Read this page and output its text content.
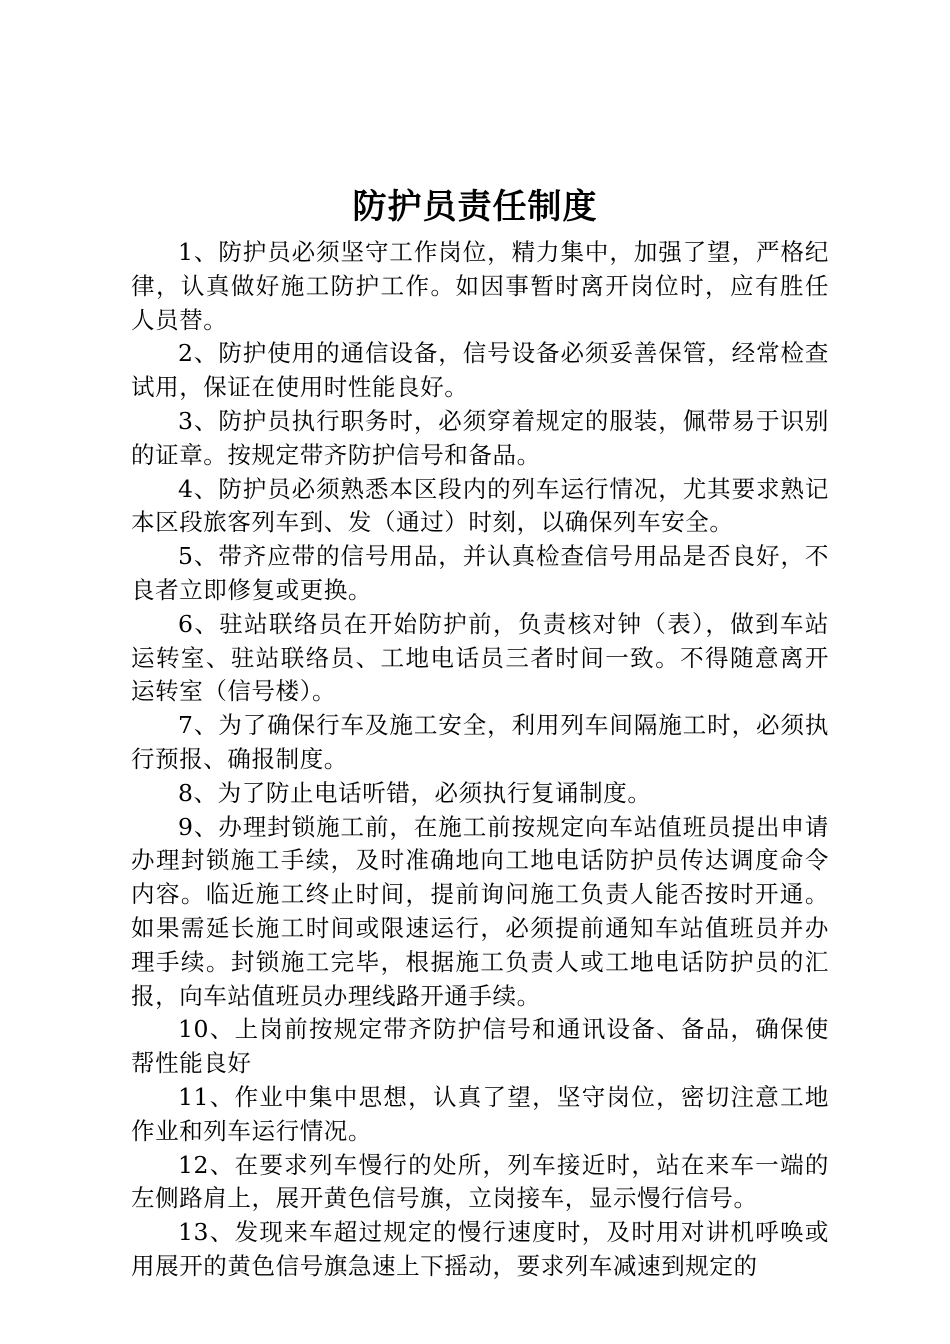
防护员责任制度

1、防护员必须坚守工作岗位，精力集中，加强了望，严格纪律，认真做好施工防护工作。如因事暂时离开岗位时，应有胜任人员替。

2、防护使用的通信设备，信号设备必须妥善保管，经常检查试用，保证在使用时性能良好。

3、防护员执行职务时，必须穿着规定的服装，佩带易于识别的证章。按规定带齐防护信号和备品。

4、防护员必须熟悉本区段内的列车运行情况，尤其要求熟记本区段旅客列车到、发（通过）时刻，以确保列车安全。

5、带齐应带的信号用品，并认真检查信号用品是否良好，不良者立即修复或更换。

6、驻站联络员在开始防护前，负责核对钟（表），做到车站运转室、驻站联络员、工地电话员三者时间一致。不得随意离开运转室（信号楼）。

7、为了确保行车及施工安全，利用列车间隔施工时，必须执行预报、确报制度。

8、为了防止电话听错，必须执行复诵制度。

9、办理封锁施工前，在施工前按规定向车站值班员提出申请办理封锁施工手续，及时准确地向工地电话防护员传达调度命令内容。临近施工终止时间，提前询问施工负责人能否按时开通。如果需延长施工时间或限速运行，必须提前通知车站值班员并办理手续。封锁施工完毕，根据施工负责人或工地电话防护员的汇报，向车站值班员办理线路开通手续。

10、上岗前按规定带齐防护信号和通讯设备、备品，确保使帮性能良好

11、作业中集中思想，认真了望，坚守岗位，密切注意工地作业和列车运行情况。

12、在要求列车慢行的处所，列车接近时，站在来车一端的左侧路肩上，展开黄色信号旗，立岗接车，显示慢行信号。

13、发现来车超过规定的慢行速度时，及时用对讲机呼唤或用展开的黄色信号旗急速上下摇动，要求列车减速到规定的
